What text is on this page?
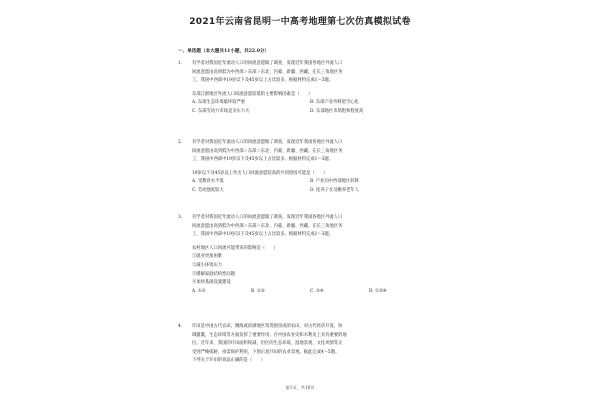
2021年云南省昆明一中高考地理第七次仿真模拟试卷
一、单选题（本大题共11小题，共22.0分）
1. 有学者对我国近年流动人口的回流意愿做了调查，发现近年我国各地区外流人口
回流意愿由高到低为中西部＞东部＞东北、内蒙、新疆、西藏。在长三角地区务
工，我国中西部中19岁以下及45岁以上占比较多。根据材料完成1～3题。
东部江浙地区外流人口回流意愿较低的主要影响因素是（　　）
A. 东部生态环境破坏较严重	B. 东部产业外移留空心化
C. 东部劳动力市场竞争压力大	D. 东部地区市场饱和程度高
2. 有学者对我国近年流动人口的回流意愿做了调查，发现近年我国各地区外流人口
回流意愿由高到低为中西部＞东部＞东北、内蒙、新疆、西藏。在长三角地区务
工，我国中西部中19岁以下及45岁以上占比较多。根据材料完成1～3题。
19岁以下及45岁以上外出人口回流意愿较高的共同原因可能是（　　）
A. 受教育水平低	B. 产业向中西部地区转移
C. 劳动强度较大	D. 抚养子女及赡养老年人
3. 有学者对我国近年流动人口的回流意愿做了调查，发现近年我国各地区外流人口
回流意愿由高到低为中西部＞东部＞东北、内蒙、新疆、西藏。在长三角地区务
工，我国中西部中19岁以下及45岁以上占比较多。根据材料完成1～3题。
农村地区人口回流可能带来的影响是（　　）
①就业更加困难
②减小环境压力
③缓解家庭结构性问题
④加快基础设施建设
A. ①②	B. ②③	C. ③④	D. ①③④
4. 圩田是中国古代农田，濒海或滨湖地区筑堤围垦成的农田，对古代经济开发，协
调灌溉，生态环境等方面发挥了重要作用。在中国农业史和水利史上具有重要的地
位。近年来，我国的圩田面积锐减，但区的生态环境、湿地景观、文化风情等正
受到严峻威胁，亟需保护利用，下图示意圩田的农业景观。据此完成4～5题。
下列关于圩田的说法正确的是（　　）
第1页，共16页
